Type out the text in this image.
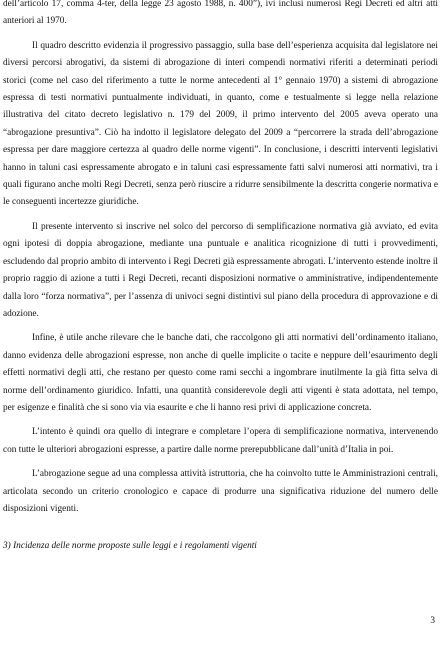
dell’articolo 17, comma 4-ter, della legge 23 agosto 1988, n. 400”), ivi inclusi numerosi Regi Decreti ed altri atti anteriori al 1970.

Il quadro descritto evidenzia il progressivo passaggio, sulla base dell’esperienza acquisita dal legislatore nei diversi percorsi abrogativi, da sistemi di abrogazione di interi compendi normativi riferiti a determinati periodi storici (come nel caso del riferimento a tutte le norme antecedenti al 1° gennaio 1970) a sistemi di abrogazione espressa di testi normativi puntualmente individuati, in quanto, come e testualmente si legge nella relazione illustrativa del citato decreto legislativo n. 179 del 2009, il primo intervento del 2005 aveva operato una “abrogazione presuntiva”. Ciò ha indotto il legislatore delegato del 2009 a “percorrere la strada dell’abrogazione espressa per dare maggiore certezza al quadro delle norme vigenti”. In conclusione, i descritti interventi legislativi hanno in taluni casi espressamente abrogato e in taluni casi espressamente fatti salvi numerosi atti normativi, tra i quali figurano anche molti Regi Decreti, senza però riuscire a ridurre sensibilmente la descritta congerie normativa e le conseguenti incertezze giuridiche.

Il presente intervento si inscrive nel solco del percorso di semplificazione normativa già avviato, ed evita ogni ipotesi di doppia abrogazione, mediante una puntuale e analitica ricognizione di tutti i provvedimenti, escludendo dal proprio ambito di intervento i Regi Decreti già espressamente abrogati. L’intervento estende inoltre il proprio raggio di azione a tutti i Regi Decreti, recanti disposizioni normative o amministrative, indipendentemente dalla loro “forza normativa”, per l’assenza di univoci segni distintivi sul piano della procedura di approvazione e di adozione.

Infine, è utile anche rilevare che le banche dati, che raccolgono gli atti normativi dell’ordinamento italiano, danno evidenza delle abrogazioni espresse, non anche di quelle implicite o tacite e neppure dell’esaurimento degli effetti normativi degli atti, che restano per questo come rami secchi a ingombrare inutilmente la già fitta selva di norme dell’ordinamento giuridico. Infatti, una quantità considerevole degli atti vigenti è stata adottata, nel tempo, per esigenze e finalità che si sono via via esaurite e che li hanno resi privi di applicazione concreta.

L’intento è quindi ora quello di integrare e completare l’opera di semplificazione normativa, intervenendo con tutte le ulteriori abrogazioni espresse, a partire dalle norme prerepubblicane dall’unità d’Italia in poi.

L’abrogazione segue ad una complessa attività istruttoria, che ha coinvolto tutte le Amministrazioni centrali, articolata secondo un criterio cronologico e capace di produrre una significativa riduzione del numero delle disposizioni vigenti.

3) Incidenza delle norme proposte sulle leggi e i regolamenti vigenti

3
